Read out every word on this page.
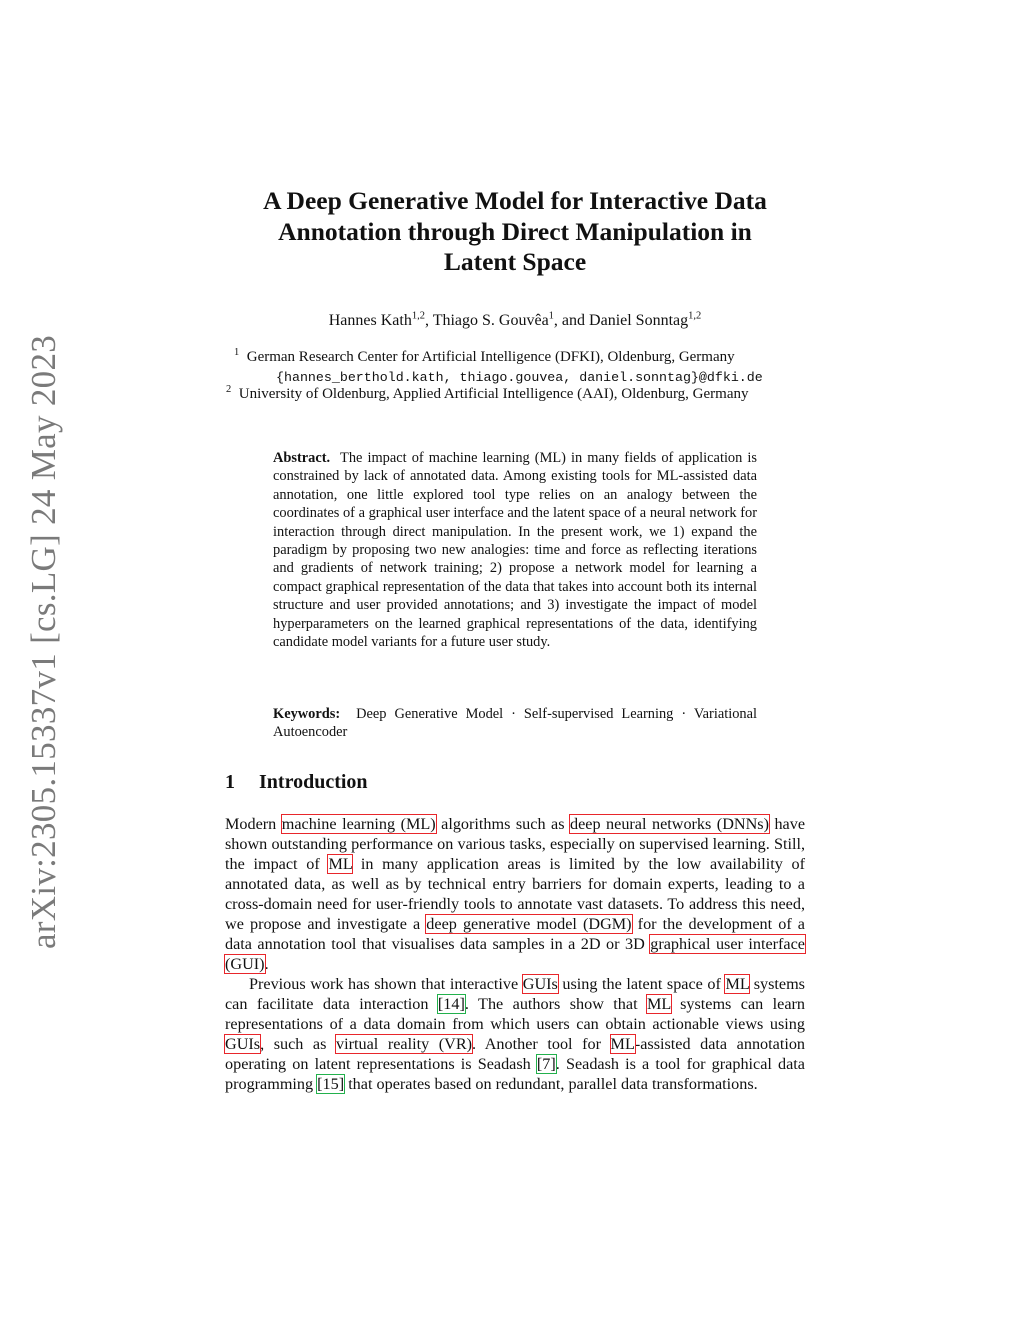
arXiv:2305.15337v1 [cs.LG] 24 May 2023
A Deep Generative Model for Interactive Data
Annotation through Direct Manipulation in
Latent Space
Hannes Kath$^{1,2}$, Thiago S. Gouvêa$^1$, and Daniel Sonntag$^{1,2}$
$^1$ German Research Center for Artificial Intelligence (DFKI), Oldenburg, Germany
{hannes_berthold.kath, thiago.gouvea, daniel.sonntag}@dfki.de
$^2$ University of Oldenburg, Applied Artificial Intelligence (AAI), Oldenburg, Germany
Abstract. The impact of machine learning (ML) in many fields of application is constrained by lack of annotated data. Among existing tools for ML-assisted data annotation, one little explored tool type relies on an analogy between the coordinates of a graphical user interface and the latent space of a neural network for interaction through direct manipulation. In the present work, we 1) expand the paradigm by proposing two new analogies: time and force as reflecting iterations and gradients of network training; 2) propose a network model for learning a compact graphical representation of the data that takes into account both its internal structure and user provided annotations; and 3) investigate the impact of model hyperparameters on the learned graphical representations of the data, identifying candidate model variants for a future user study.
Keywords: Deep Generative Model · Self-supervised Learning · Variational Autoencoder
1 Introduction

Modern machine learning (ML) algorithms such as deep neural networks (DNNs) have shown outstanding performance on various tasks, especially on supervised learning. Still, the impact of ML in many application areas is limited by the low availability of annotated data, as well as by technical entry barriers for domain experts, leading to a cross-domain need for user-friendly tools to annotate vast datasets. To address this need, we propose and investigate a deep generative model (DGM) for the development of a data annotation tool that visualises data samples in a 2D or 3D graphical user interface (GUI).

Previous work has shown that interactive GUIs using the latent space of ML systems can facilitate data interaction [14]. The authors show that ML systems can learn representations of a data domain from which users can obtain actionable views using GUIs, such as virtual reality (VR). Another tool for ML-assisted data annotation operating on latent representations is Seadash [7]. Seadash is a tool for graphical data programming [15] that operates based on redundant, parallel data transformations.
